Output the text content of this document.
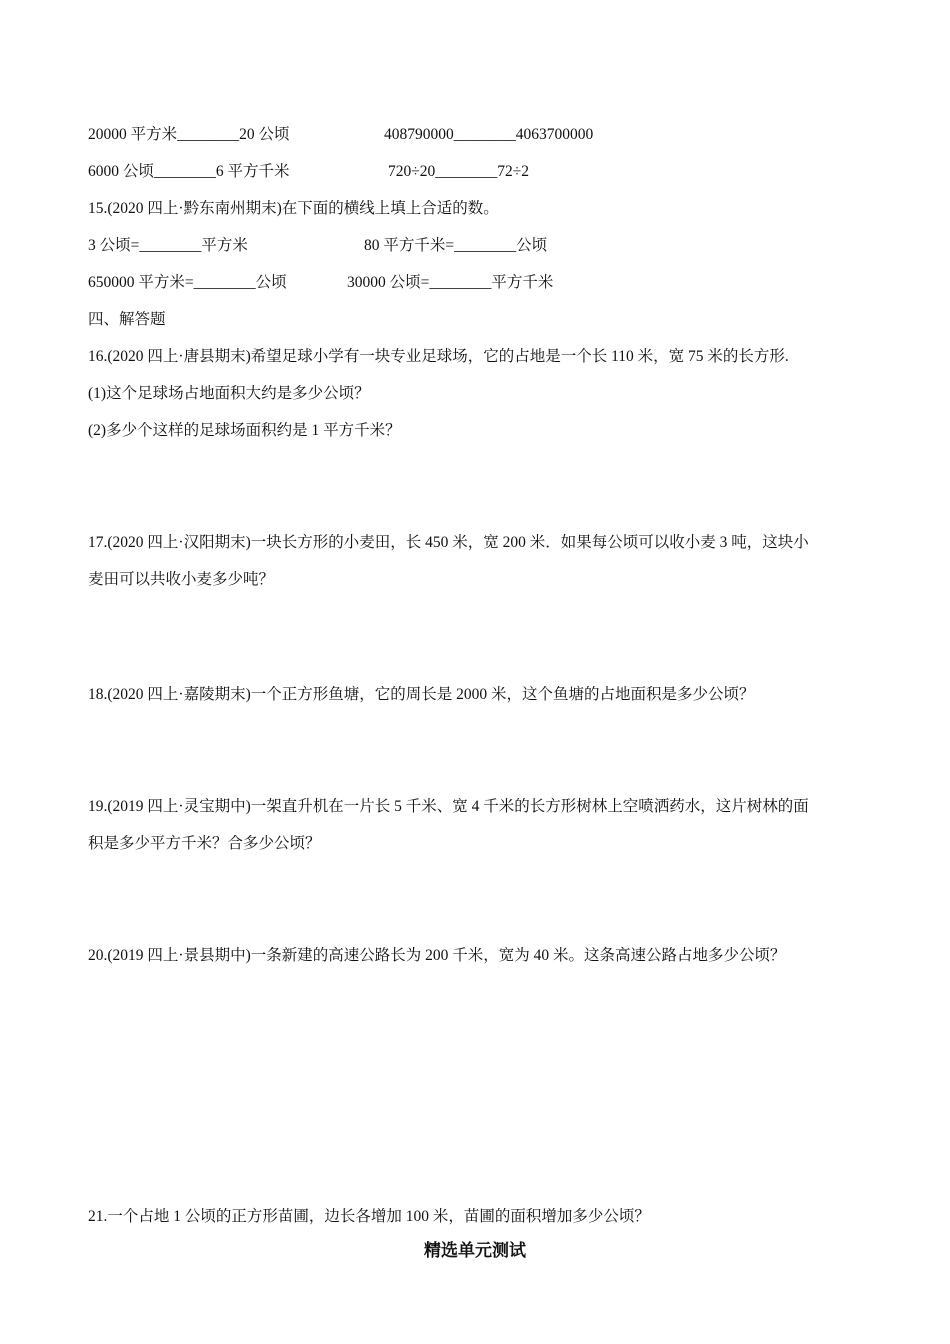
20000 平方米________20 公顷	408790000________4063700000
6000 公顷________6 平方千米	720÷20________72÷2
15.(2020 四上·黔东南州期末)在下面的横线上填上合适的数。
3 公顷=________平方米	80 平方千米=________公顷
650000 平方米=________公顷	30000 公顷=________平方千米
四、解答题
16.(2020 四上·唐县期末)希望足球小学有一块专业足球场，它的占地是一个长 110 米，宽 75 米的长方形.
(1)这个足球场占地面积大约是多少公顷？
(2)多少个这样的足球场面积约是 1 平方千米？
17.(2020 四上·汉阳期末)一块长方形的小麦田，长 450 米，宽 200 米．如果每公顷可以收小麦 3 吨，这块小
麦田可以共收小麦多少吨？
18.(2020 四上·嘉陵期末)一个正方形鱼塘，它的周长是 2000 米，这个鱼塘的占地面积是多少公顷？
19.(2019 四上·灵宝期中)一架直升机在一片长 5 千米、宽 4 千米的长方形树林上空喷洒药水，这片树林的面
积是多少平方千米？合多少公顷？
20.(2019 四上·景县期中)一条新建的高速公路长为 200 千米，宽为 40 米。这条高速公路占地多少公顷？
21.一个占地 1 公顷的正方形苗圃，边长各增加 100 米，苗圃的面积增加多少公顷？
精选单元测试
